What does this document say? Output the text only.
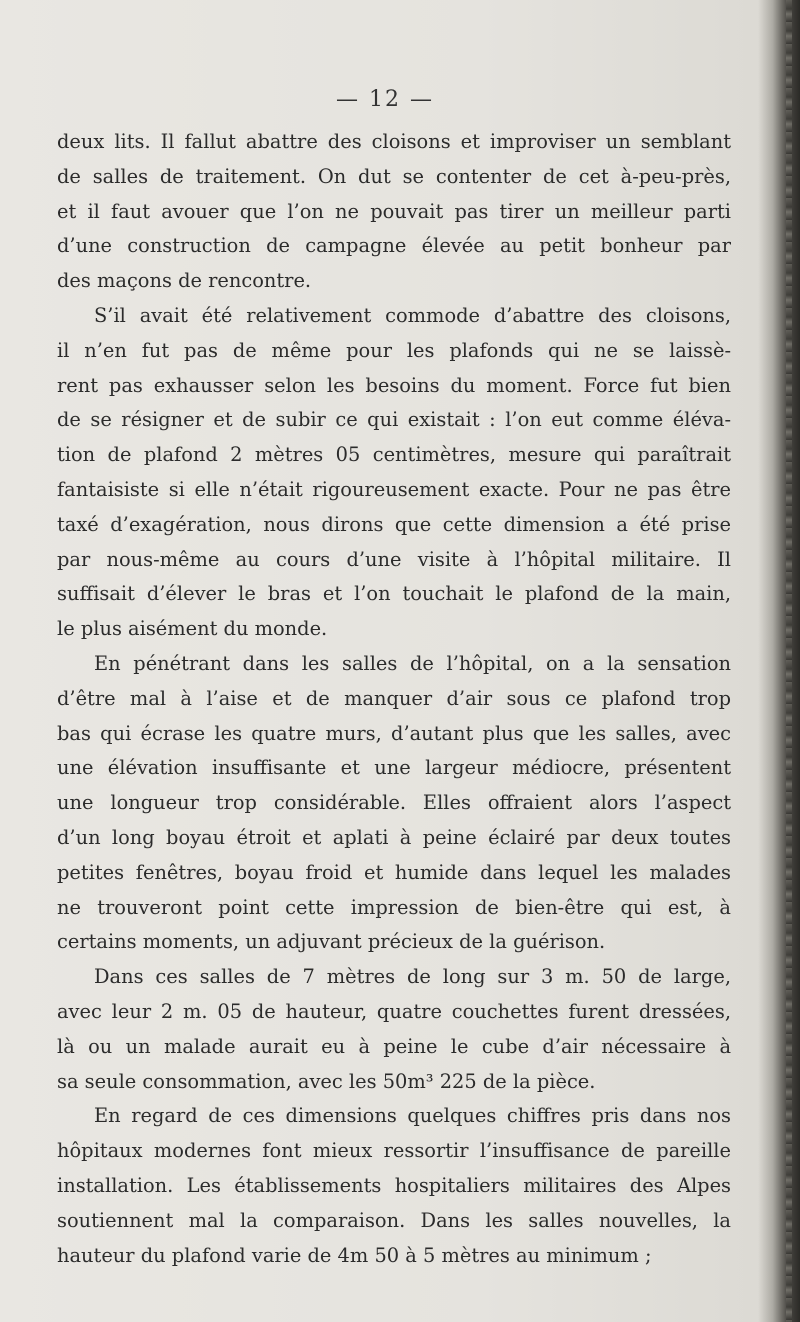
— 12 —
deux lits. Il fallut abattre des cloisons et improviser un semblant
de salles de traitement. On dut se contenter de cet à-peu-près,
et il faut avouer que l’on ne pouvait pas tirer un meilleur parti
d’une construction de campagne élevée au petit bonheur par
des maçons de rencontre.
S’il avait été relativement commode d’abattre des cloisons,
il n’en fut pas de même pour les plafonds qui ne se laissè-
rent pas exhausser selon les besoins du moment. Force fut bien
de se résigner et de subir ce qui existait : l’on eut comme éléva-
tion de plafond 2 mètres 05 centimètres, mesure qui paraîtrait
fantaisiste si elle n’était rigoureusement exacte. Pour ne pas être
taxé d’exagération, nous dirons que cette dimension a été prise
par nous-même au cours d’une visite à l’hôpital militaire. Il
suffisait d’élever le bras et l’on touchait le plafond de la main,
le plus aisément du monde.
En pénétrant dans les salles de l’hôpital, on a la sensation
d’être mal à l’aise et de manquer d’air sous ce plafond trop
bas qui écrase les quatre murs, d’autant plus que les salles, avec
une élévation insuffisante et une largeur médiocre, présentent
une longueur trop considérable. Elles offraient alors l’aspect
d’un long boyau étroit et aplati à peine éclairé par deux toutes
petites fenêtres, boyau froid et humide dans lequel les malades
ne trouveront point cette impression de bien-être qui est, à
certains moments, un adjuvant précieux de la guérison.
Dans ces salles de 7 mètres de long sur 3 m. 50 de large,
avec leur 2 m. 05 de hauteur, quatre couchettes furent dressées,
là ou un malade aurait eu à peine le cube d’air nécessaire à
sa seule consommation, avec les 50m³ 225 de la pièce.
En regard de ces dimensions quelques chiffres pris dans nos
hôpitaux modernes font mieux ressortir l’insuffisance de pareille
installation. Les établissements hospitaliers militaires des Alpes
soutiennent mal la comparaison. Dans les salles nouvelles, la
hauteur du plafond varie de 4m 50 à 5 mètres au minimum ;
